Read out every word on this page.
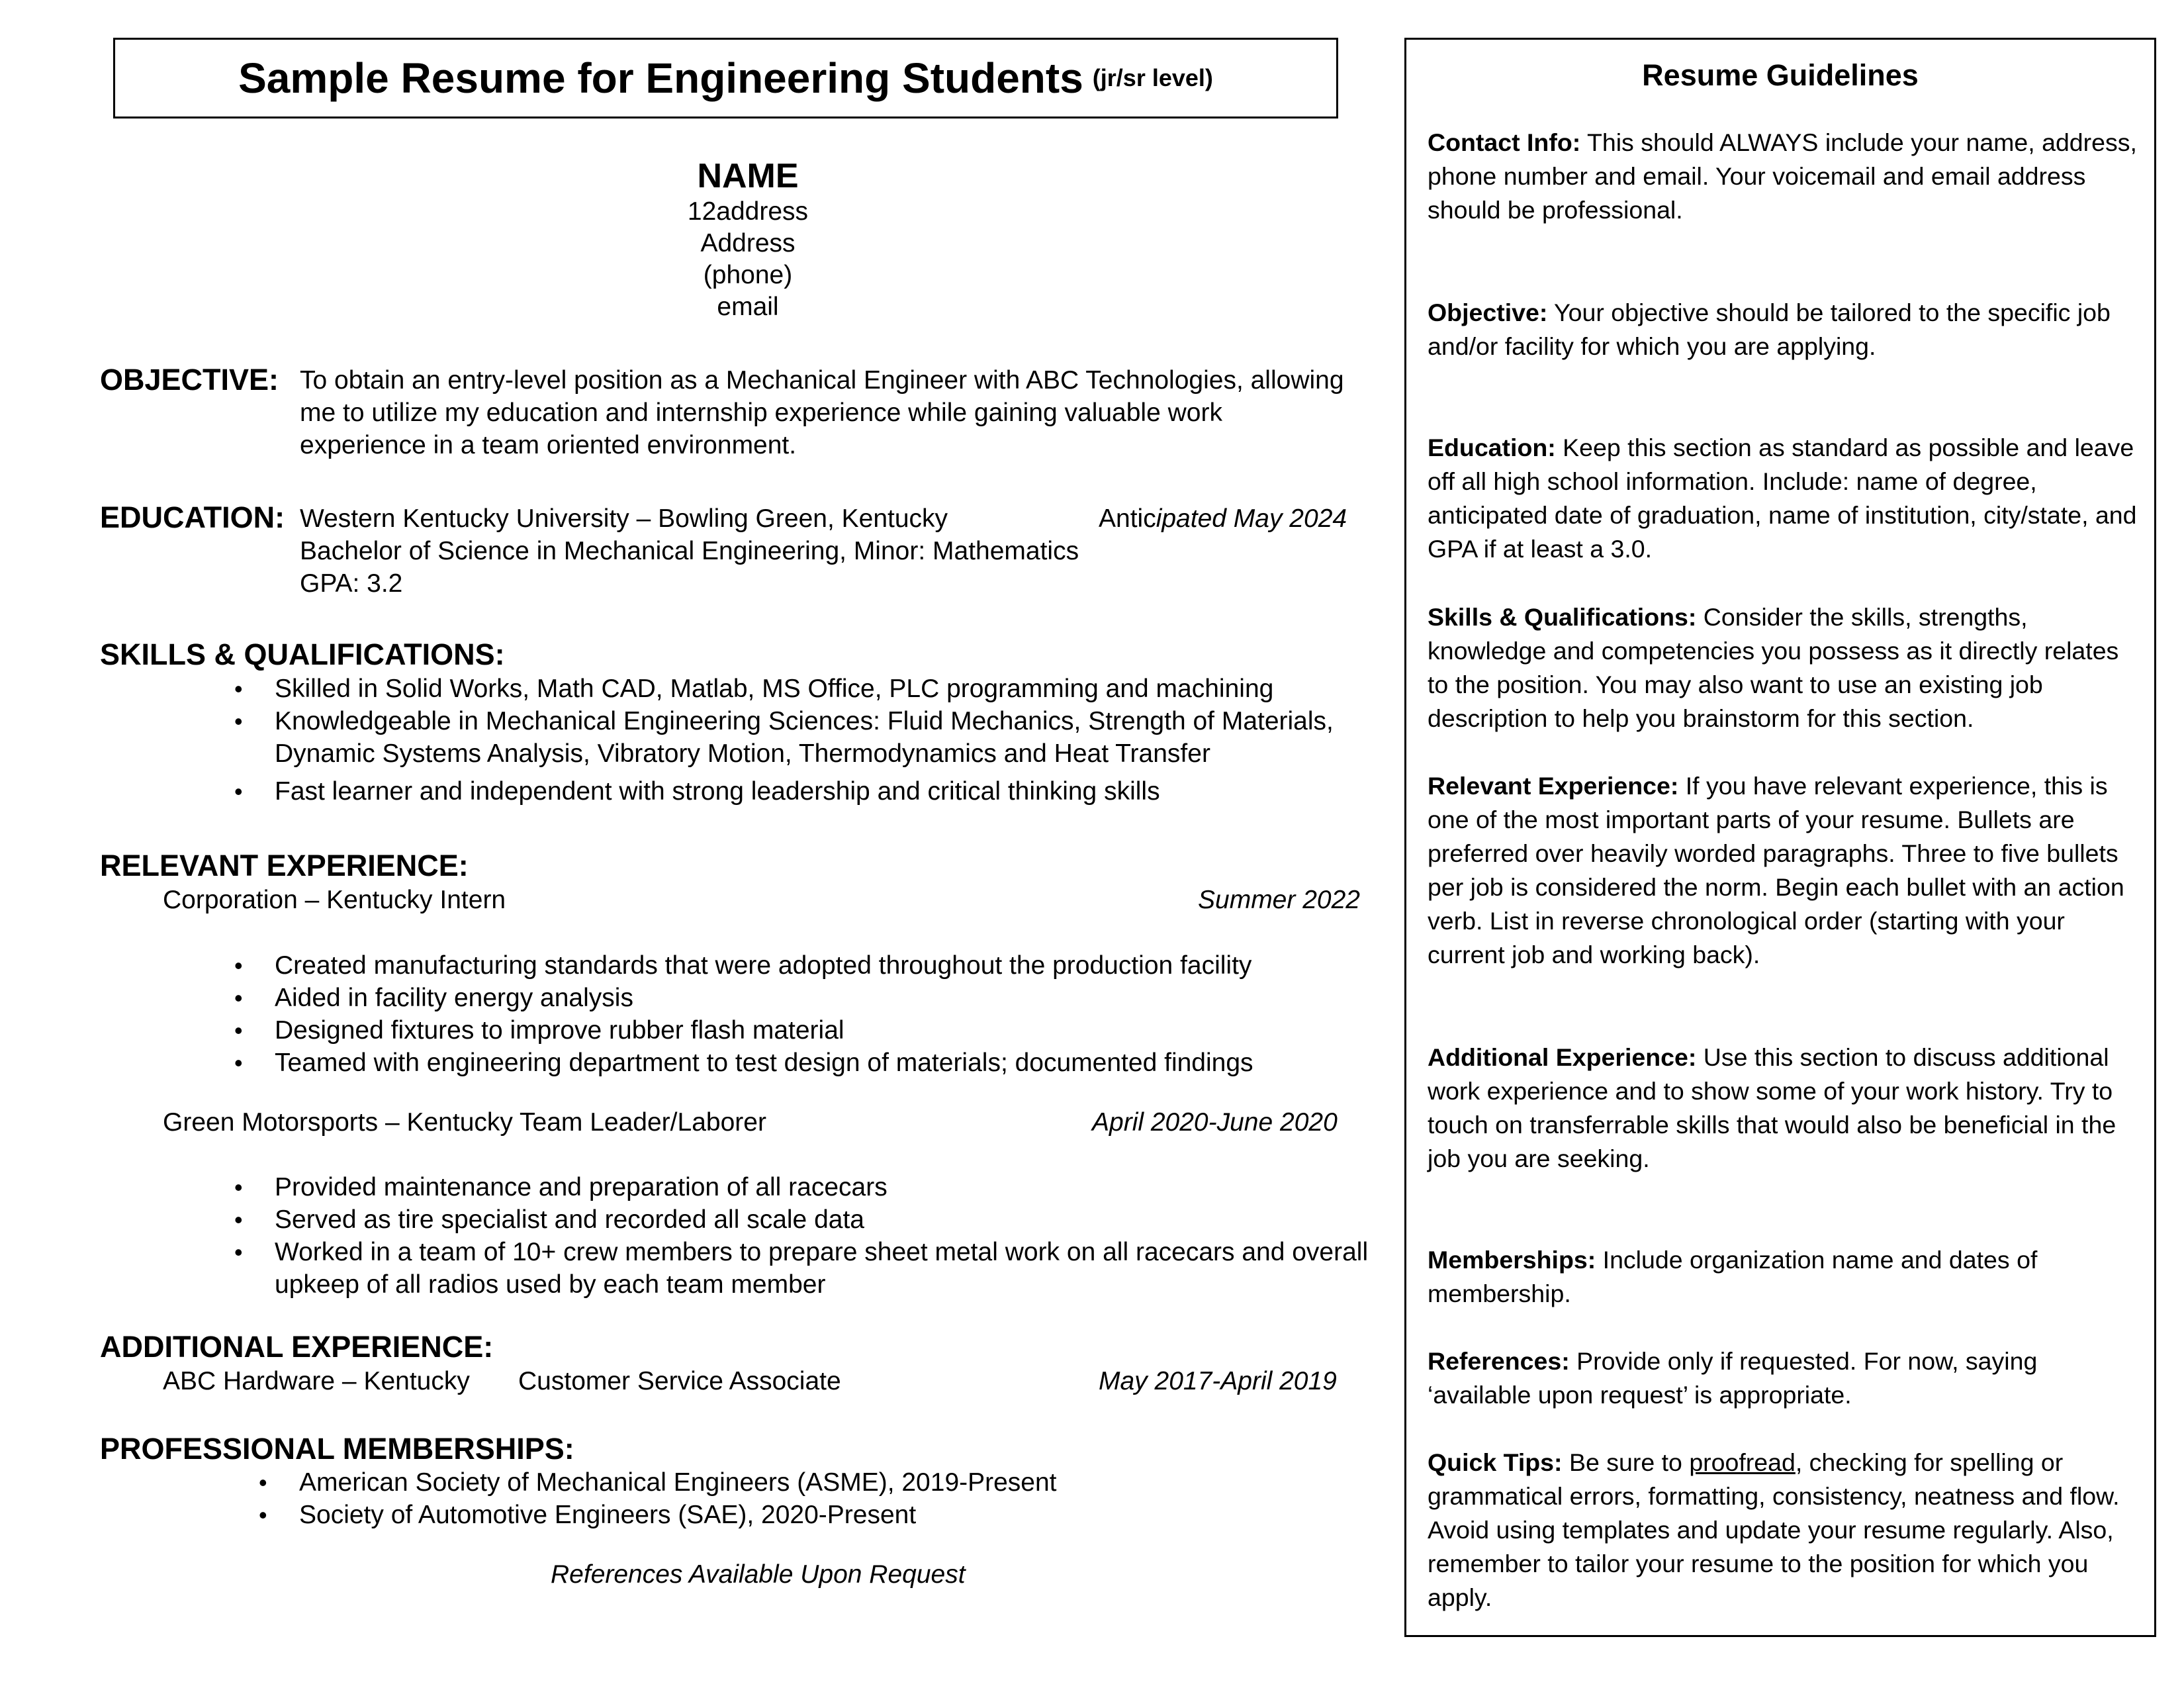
Sample Resume for Engineering Students (jr/sr level)
NAME
12address
Address
(phone)
email
OBJECTIVE: To obtain an entry-level position as a Mechanical Engineer with ABC Technologies, allowing
me to utilize my education and internship experience while gaining valuable work
experience in a team oriented environment.
EDUCATION: Western Kentucky University – Bowling Green, Kentucky	Anticipated May 2024
Bachelor of Science in Mechanical Engineering, Minor: Mathematics
GPA: 3.2
SKILLS & QUALIFICATIONS:
• Skilled in Solid Works, Math CAD, Matlab, MS Office, PLC programming and machining
• Knowledgeable in Mechanical Engineering Sciences: Fluid Mechanics, Strength of Materials,
Dynamic Systems Analysis, Vibratory Motion, Thermodynamics and Heat Transfer
• Fast learner and independent with strong leadership and critical thinking skills
RELEVANT EXPERIENCE:
Corporation – Kentucky Intern	Summer 2022
• Created manufacturing standards that were adopted throughout the production facility
• Aided in facility energy analysis
• Designed fixtures to improve rubber flash material
• Teamed with engineering department to test design of materials; documented findings
Green Motorsports – Kentucky Team Leader/Laborer	April 2020-June 2020
• Provided maintenance and preparation of all racecars
• Served as tire specialist and recorded all scale data
• Worked in a team of 10+ crew members to prepare sheet metal work on all racecars and overall
upkeep of all radios used by each team member
ADDITIONAL EXPERIENCE:
ABC Hardware – Kentucky Customer Service Associate	May 2017-April 2019
PROFESSIONAL MEMBERSHIPS:
• American Society of Mechanical Engineers (ASME), 2019-Present
• Society of Automotive Engineers (SAE), 2020-Present
References Available Upon Request
Resume Guidelines
Contact Info: This should ALWAYS include your name, address, phone number and email. Your voicemail and email address should be professional.
Objective: Your objective should be tailored to the specific job and/or facility for which you are applying.
Education: Keep this section as standard as possible and leave off all high school information. Include: name of degree, anticipated date of graduation, name of institution, city/state, and GPA if at least a 3.0.
Skills & Qualifications: Consider the skills, strengths, knowledge and competencies you possess as it directly relates to the position. You may also want to use an existing job description to help you brainstorm for this section.
Relevant Experience: If you have relevant experience, this is one of the most important parts of your resume. Bullets are preferred over heavily worded paragraphs. Three to five bullets per job is considered the norm. Begin each bullet with an action verb. List in reverse chronological order (starting with your current job and working back).
Additional Experience: Use this section to discuss additional work experience and to show some of your work history. Try to touch on transferrable skills that would also be beneficial in the job you are seeking.
Memberships: Include organization name and dates of membership.
References: Provide only if requested. For now, saying ‘available upon request’ is appropriate.
Quick Tips: Be sure to proofread, checking for spelling or grammatical errors, formatting, consistency, neatness and flow. Avoid using templates and update your resume regularly. Also, remember to tailor your resume to the position for which you apply.
